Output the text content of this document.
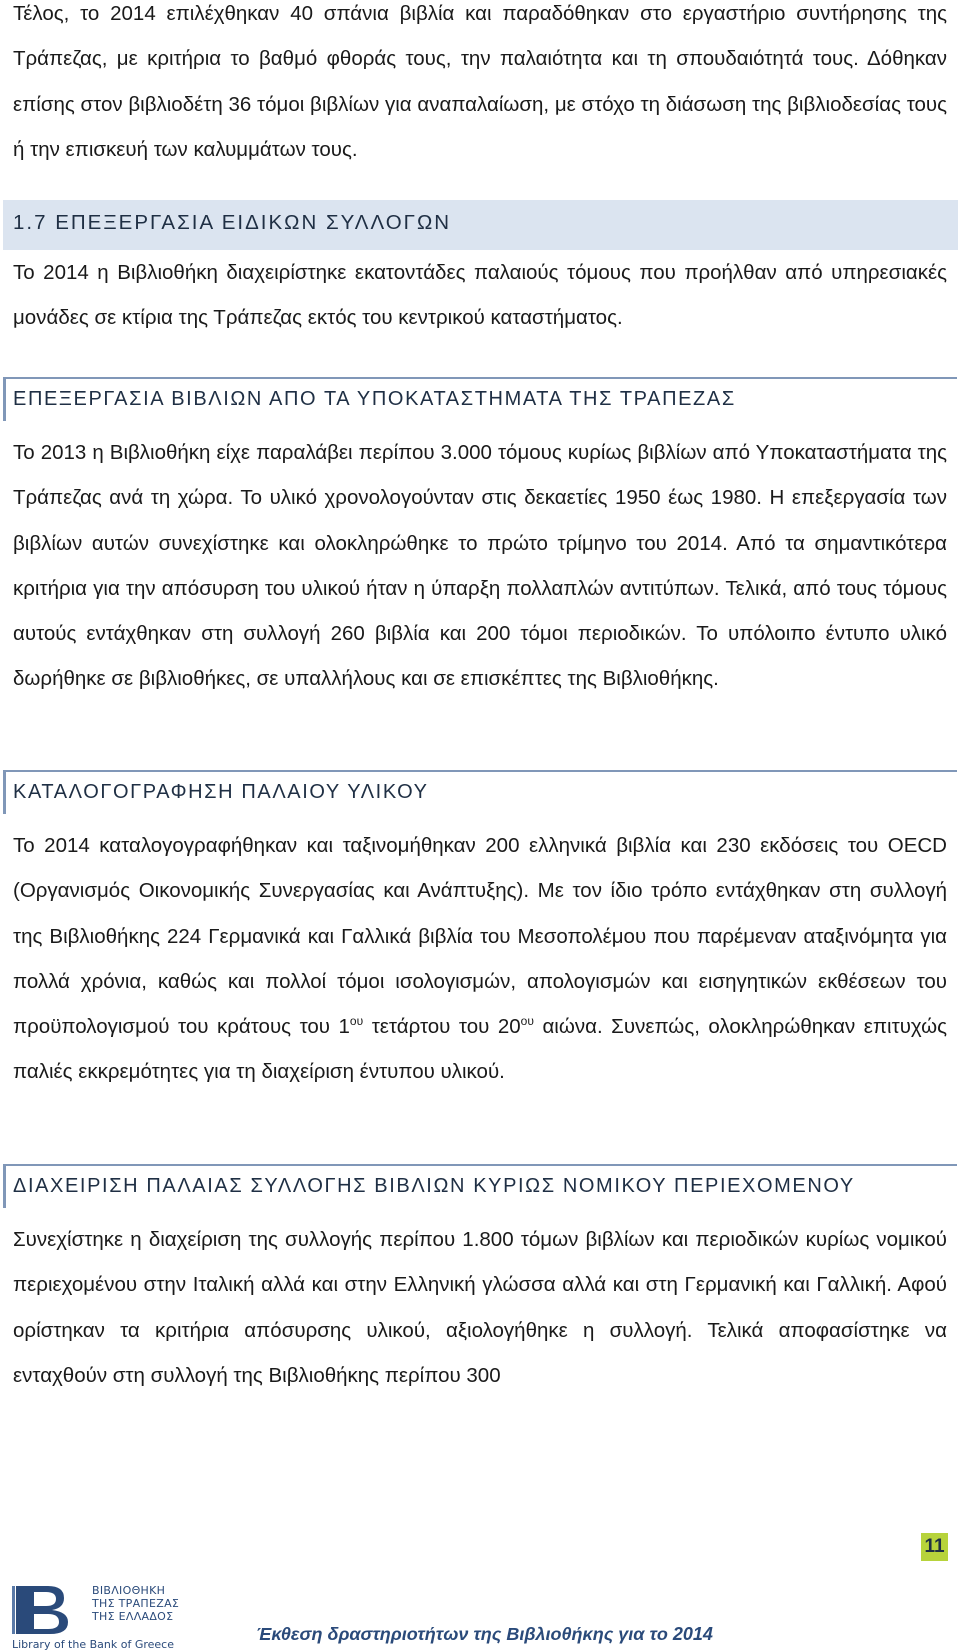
Τέλος, το 2014 επιλέχθηκαν 40 σπάνια βιβλία και παραδόθηκαν στο εργαστήριο συντήρησης της Τράπεζας, με κριτήρια το βαθμό φθοράς τους, την παλαιότητα και τη σπουδαιότητά τους. Δόθηκαν επίσης στον βιβλιοδέτη 36 τόμοι βιβλίων για αναπαλαίωση, με στόχο τη διάσωση της βιβλιοδεσίας τους ή την επισκευή των καλυμμάτων τους.

1.7 ΕΠΕΞΕΡΓΑΣΙΑ ΕΙΔΙΚΩΝ ΣΥΛΛΟΓΩΝ

Το 2014 η Βιβλιοθήκη διαχειρίστηκε εκατοντάδες παλαιούς τόμους που προήλθαν από υπηρεσιακές μονάδες σε κτίρια της Τράπεζας εκτός του κεντρικού καταστήματος.

ΕΠΕΞΕΡΓΑΣΙΑ ΒΙΒΛΙΩΝ ΑΠΟ ΤΑ ΥΠΟΚΑΤΑΣΤΗΜΑΤΑ ΤΗΣ ΤΡΑΠΕΖΑΣ

Το 2013 η Βιβλιοθήκη είχε παραλάβει περίπου 3.000 τόμους κυρίως βιβλίων από Υποκαταστήματα της Τράπεζας ανά τη χώρα. Το υλικό χρονολογούνταν στις δεκαετίες 1950 έως 1980. Η επεξεργασία των βιβλίων αυτών συνεχίστηκε και ολοκληρώθηκε το πρώτο τρίμηνο του 2014. Από τα σημαντικότερα κριτήρια για την απόσυρση του υλικού ήταν η ύπαρξη πολλαπλών αντιτύπων. Τελικά, από τους τόμους αυτούς εντάχθηκαν στη συλλογή 260 βιβλία και 200 τόμοι περιοδικών. Το υπόλοιπο έντυπο υλικό δωρήθηκε σε βιβλιοθήκες, σε υπαλλήλους και σε επισκέπτες της Βιβλιοθήκης.

ΚΑΤΑΛΟΓΟΓΡΑΦΗΣΗ ΠΑΛΑΙΟΥ ΥΛΙΚΟΥ

Το 2014 καταλογογραφήθηκαν και ταξινομήθηκαν 200 ελληνικά βιβλία και 230 εκδόσεις του OECD (Οργανισμός Οικονομικής Συνεργασίας και Ανάπτυξης). Με τον ίδιο τρόπο εντάχθηκαν στη συλλογή της Βιβλιοθήκης 224 Γερμανικά και Γαλλικά βιβλία του Μεσοπολέμου που παρέμεναν αταξινόμητα για πολλά χρόνια, καθώς και πολλοί τόμοι ισολογισμών, απολογισμών και εισηγητικών εκθέσεων του προϋπολογισμού του κράτους του $1^{o\upsilon}$ τετάρτου του $20^{o\upsilon}$ αιώνα. Συνεπώς, ολοκληρώθηκαν επιτυχώς παλιές εκκρεμότητες για τη διαχείριση έντυπου υλικού.

ΔΙΑΧΕΙΡΙΣΗ ΠΑΛΑΙΑΣ ΣΥΛΛΟΓΗΣ ΒΙΒΛΙΩΝ ΚΥΡΙΩΣ ΝΟΜΙΚΟΥ ΠΕΡΙΕΧΟΜΕΝΟΥ

Συνεχίστηκε η διαχείριση της συλλογής περίπου 1.800 τόμων βιβλίων και περιοδικών κυρίως νομικού περιεχομένου στην Ιταλική αλλά και στην Ελληνική γλώσσα αλλά και στη Γερμανική και Γαλλική. Αφού ορίστηκαν τα κριτήρια απόσυρσης υλικού, αξιολογήθηκε η συλλογή. Τελικά αποφασίστηκε να ενταχθούν στη συλλογή της Βιβλιοθήκης περίπου 300

11
ΒΙΒΛΙΟΘΗΚΗ
ΤΗΣ ΤΡΑΠΕΖΑΣ
ΤΗΣ ΕΛΛΑΔΟΣ
Library of the Bank of Greece
Έκθεση δραστηριοτήτων της Βιβλιοθήκης για το 2014
